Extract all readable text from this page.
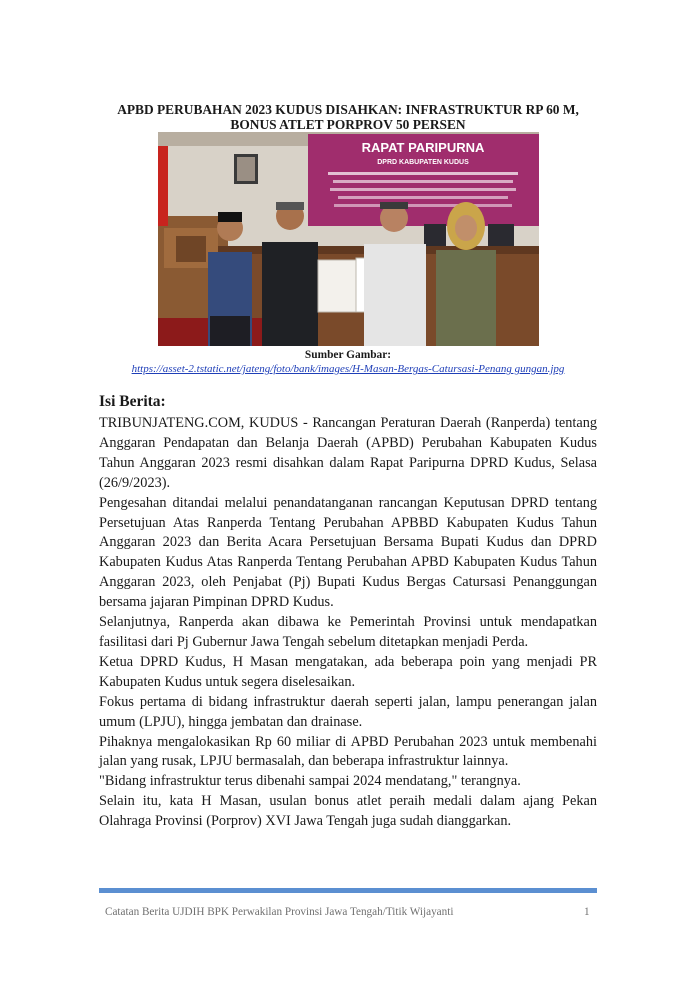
APBD PERUBAHAN 2023 KUDUS DISAHKAN: INFRASTRUKTUR RP 60 M,
BONUS ATLET PORPROV 50 PERSEN
RAPAT PARIPURNA
DPRD KABUPATEN KUDUS
Sumber Gambar:
https://asset-2.tstatic.net/jateng/foto/bank/images/H-Masan-Bergas-Catursasi-Penang gungan.jpg
Isi Berita:

TRIBUNJATENG.COM, KUDUS - Rancangan Peraturan Daerah (Ranperda) tentang Anggaran Pendapatan dan Belanja Daerah (APBD) Perubahan Kabupaten Kudus Tahun Anggaran 2023 resmi disahkan dalam Rapat Paripurna DPRD Kudus, Selasa (26/9/2023).

Pengesahan ditandai melalui penandatanganan rancangan Keputusan DPRD tentang Persetujuan Atas Ranperda Tentang Perubahan APBBD Kabupaten Kudus Tahun Anggaran 2023 dan Berita Acara Persetujuan Bersama Bupati Kudus dan DPRD Kabupaten Kudus Atas Ranperda Tentang Perubahan APBD Kabupaten Kudus Tahun Anggaran 2023, oleh Penjabat (Pj) Bupati Kudus Bergas Catursasi Penanggungan bersama jajaran Pimpinan DPRD Kudus.

Selanjutnya, Ranperda akan dibawa ke Pemerintah Provinsi untuk mendapatkan fasilitasi dari Pj Gubernur Jawa Tengah sebelum ditetapkan menjadi Perda.

Ketua DPRD Kudus, H Masan mengatakan, ada beberapa poin yang menjadi PR Kabupaten Kudus untuk segera diselesaikan.

Fokus pertama di bidang infrastruktur daerah seperti jalan, lampu penerangan jalan umum (LPJU), hingga jembatan dan drainase.

Pihaknya mengalokasikan Rp 60 miliar di APBD Perubahan 2023 untuk membenahi jalan yang rusak, LPJU bermasalah, dan beberapa infrastruktur lainnya.

"Bidang infrastruktur terus dibenahi sampai 2024 mendatang," terangnya.

Selain itu, kata H Masan, usulan bonus atlet peraih medali dalam ajang Pekan Olahraga Provinsi (Porprov) XVI Jawa Tengah juga sudah dianggarkan.

Catatan Berita UJDIH BPK Perwakilan Provinsi Jawa Tengah/Titik Wijayanti	1
